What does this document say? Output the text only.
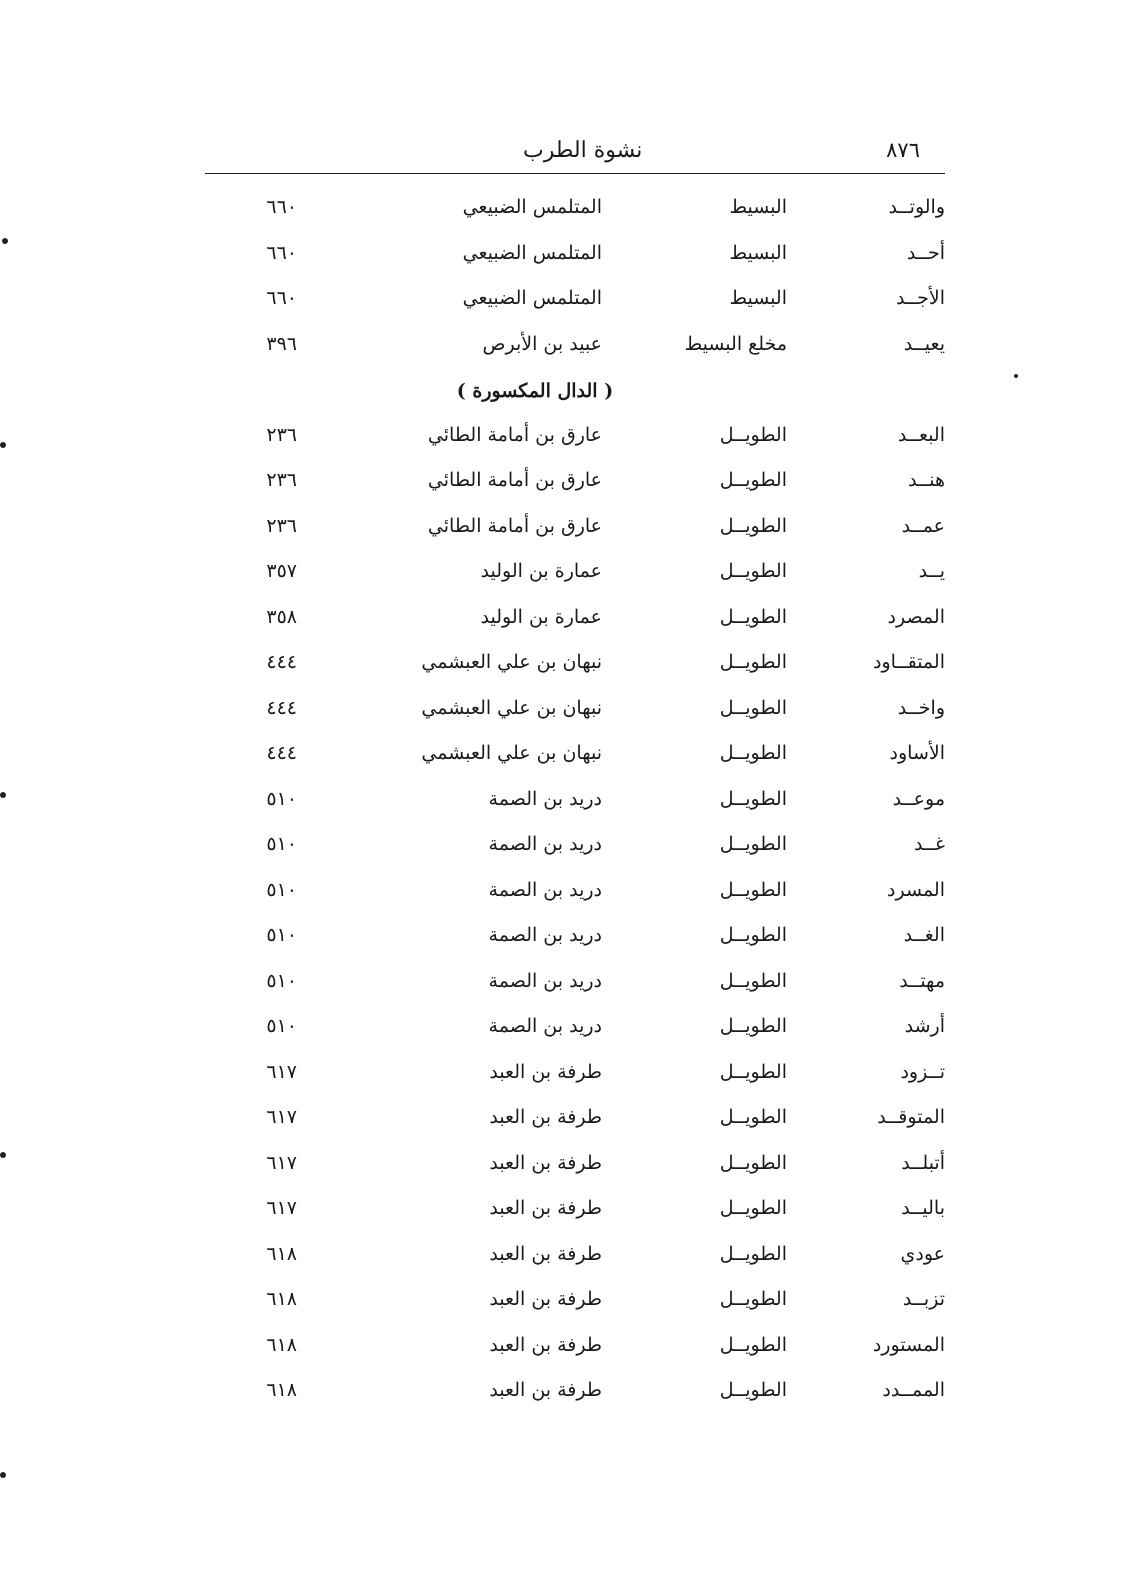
٨٧٦
نشوة الطرب
والوتــد
البسيط
المتلمس الضبيعي
٦٦٠
أحــد
البسيط
المتلمس الضبيعي
٦٦٠
الأجــد
البسيط
المتلمس الضبيعي
٦٦٠
يعيــد
مخلع البسيط
عبيد بن الأبرص
٣٩٦
( الدال المكسورة )
البعــد
الطويــل
عارق بن أمامة الطائي
٢٣٦
هنــد
الطويــل
عارق بن أمامة الطائي
٢٣٦
عمــد
الطويــل
عارق بن أمامة الطائي
٢٣٦
يــد
الطويــل
عمارة بن الوليد
٣٥٧
المصرد
الطويــل
عمارة بن الوليد
٣٥٨
المتقــاود
الطويــل
نبهان بن علي العبشمي
٤٤٤
واخــد
الطويــل
نبهان بن علي العبشمي
٤٤٤
الأساود
الطويــل
نبهان بن علي العبشمي
٤٤٤
موعــد
الطويــل
دريد بن الصمة
٥١٠
غــد
الطويــل
دريد بن الصمة
٥١٠
المسرد
الطويــل
دريد بن الصمة
٥١٠
الغــد
الطويــل
دريد بن الصمة
٥١٠
مهتــد
الطويــل
دريد بن الصمة
٥١٠
أرشد
الطويــل
دريد بن الصمة
٥١٠
تــزود
الطويــل
طرفة بن العبد
٦١٧
المتوقــد
الطويــل
طرفة بن العبد
٦١٧
أتبلــد
الطويــل
طرفة بن العبد
٦١٧
باليــد
الطويــل
طرفة بن العبد
٦١٧
عودي
الطويــل
طرفة بن العبد
٦١٨
تزبــد
الطويــل
طرفة بن العبد
٦١٨
المستورد
الطويــل
طرفة بن العبد
٦١٨
الممــدد
الطويــل
طرفة بن العبد
٦١٨
